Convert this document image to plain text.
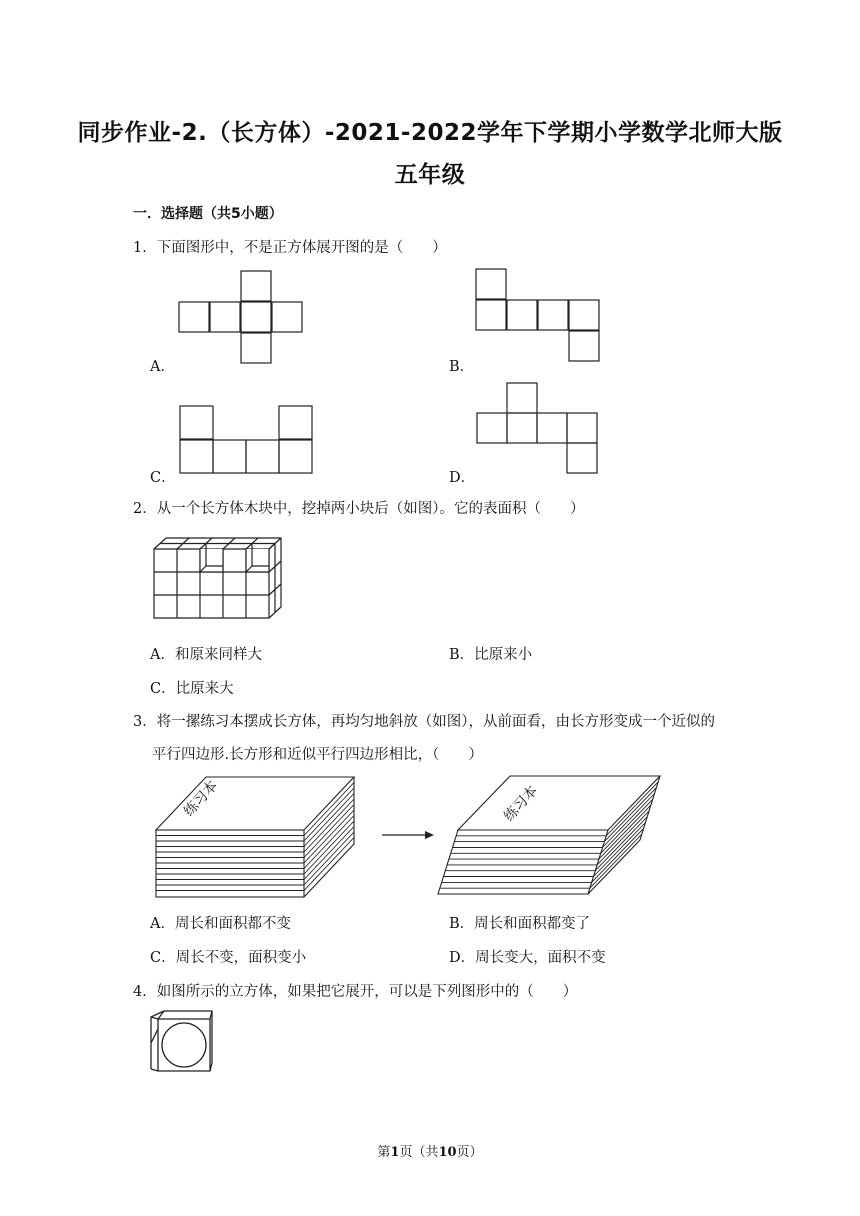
同步作业-2.（长方体）-2021-2022学年下学期小学数学北师大版
五年级
一．选择题（共5小题）
1．下面图形中，不是正方体展开图的是（　　）
A．	B．
C．	D．
2．从一个长方体木块中，挖掉两小块后（如图）。它的表面积（　　）
A．和原来同样大	B．比原来小
C．比原来大
3．将一摞练习本摆成长方体，再均匀地斜放（如图），从前面看，由长方形变成一个近似的
平行四边形.长方形和近似平行四边形相比，（　　）
练习本	练习本
A．周长和面积都不变	B．周长和面积都变了
C．周长不变，面积变小	D．周长变大，面积不变
4．如图所示的立方体，如果把它展开，可以是下列图形中的（　　）
第1页（共10页）
